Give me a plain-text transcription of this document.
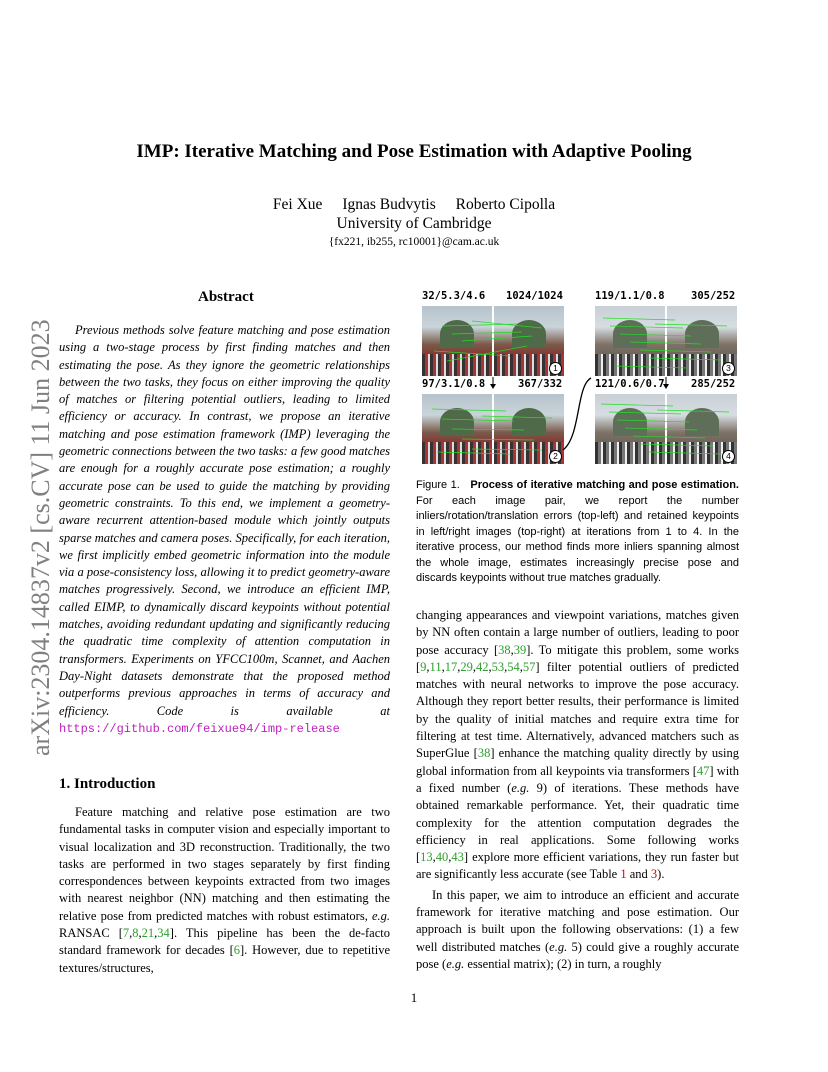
arXiv:2304.14837v2 [cs.CV] 11 Jun 2023
IMP: Iterative Matching and Pose Estimation with Adaptive Pooling
Fei Xue Ignas Budvytis Roberto Cipolla
University of Cambridge
{fx221, ib255, rc10001}@cam.ac.uk
Abstract
Previous methods solve feature matching and pose estimation using a two-stage process by first finding matches and then estimating the pose. As they ignore the geometric relationships between the two tasks, they focus on either improving the quality of matches or filtering potential outliers, leading to limited efficiency or accuracy. In contrast, we propose an iterative matching and pose estimation framework (IMP) leveraging the geometric connections between the two tasks: a few good matches are enough for a roughly accurate pose estimation; a roughly accurate pose can be used to guide the matching by providing geometric constraints. To this end, we implement a geometry-aware recurrent attention-based module which jointly outputs sparse matches and camera poses. Specifically, for each iteration, we first implicitly embed geometric information into the module via a pose-consistency loss, allowing it to predict geometry-aware matches progressively. Second, we introduce an efficient IMP, called EIMP, to dynamically discard keypoints without potential matches, avoiding redundant updating and significantly reducing the quadratic time complexity of attention computation in transformers. Experiments on YFCC100m, Scannet, and Aachen Day-Night datasets demonstrate that the proposed method outperforms previous approaches in terms of accuracy and efficiency. Code is available at https://github.com/feixue94/imp-release
1. Introduction
Feature matching and relative pose estimation are two fundamental tasks in computer vision and especially important to visual localization and 3D reconstruction. Traditionally, the two tasks are performed in two stages separately by first finding correspondences between keypoints extracted from two images with nearest neighbor (NN) matching and then estimating the relative pose from predicted matches with robust estimators, e.g. RANSAC [7,8,21,34]. This pipeline has been the de-facto standard framework for decades [6]. However, due to repetitive textures/structures,
32/5.3/4.6 1024/1024	119/1.1/0.8	305/252
97/3.1/0.8	367/332	121/0.6/0.7	285/252
1	3
2	4
Figure 1. Process of iterative matching and pose estimation. For each image pair, we report the number inliers/rotation/translation errors (top-left) and retained keypoints in left/right images (top-right) at iterations from 1 to 4. In the iterative process, our method finds more inliers spanning almost the whole image, estimates increasingly precise pose and discards keypoints without true matches gradually.

changing appearances and viewpoint variations, matches given by NN often contain a large number of outliers, leading to poor pose accuracy [38,39]. To mitigate this problem, some works [9,11,17,29,42,53,54,57] filter potential outliers of predicted matches with neural networks to improve the pose accuracy. Although they report better results, their performance is limited by the quality of initial matches and require extra time for filtering at test time. Alternatively, advanced matchers such as SuperGlue [38] enhance the matching quality directly by using global information from all keypoints via transformers [47] with a fixed number (e.g. 9) of iterations. These methods have obtained remarkable performance. Yet, their quadratic time complexity for the attention computation degrades the efficiency in real applications. Some following works [13,40,43] explore more efficient variations, they run faster but are significantly less accurate (see Table 1 and 3).

In this paper, we aim to introduce an efficient and accurate framework for iterative matching and pose estimation. Our approach is built upon the following observations: (1) a few well distributed matches (e.g. 5) could give a roughly accurate pose (e.g. essential matrix); (2) in turn, a roughly

1
